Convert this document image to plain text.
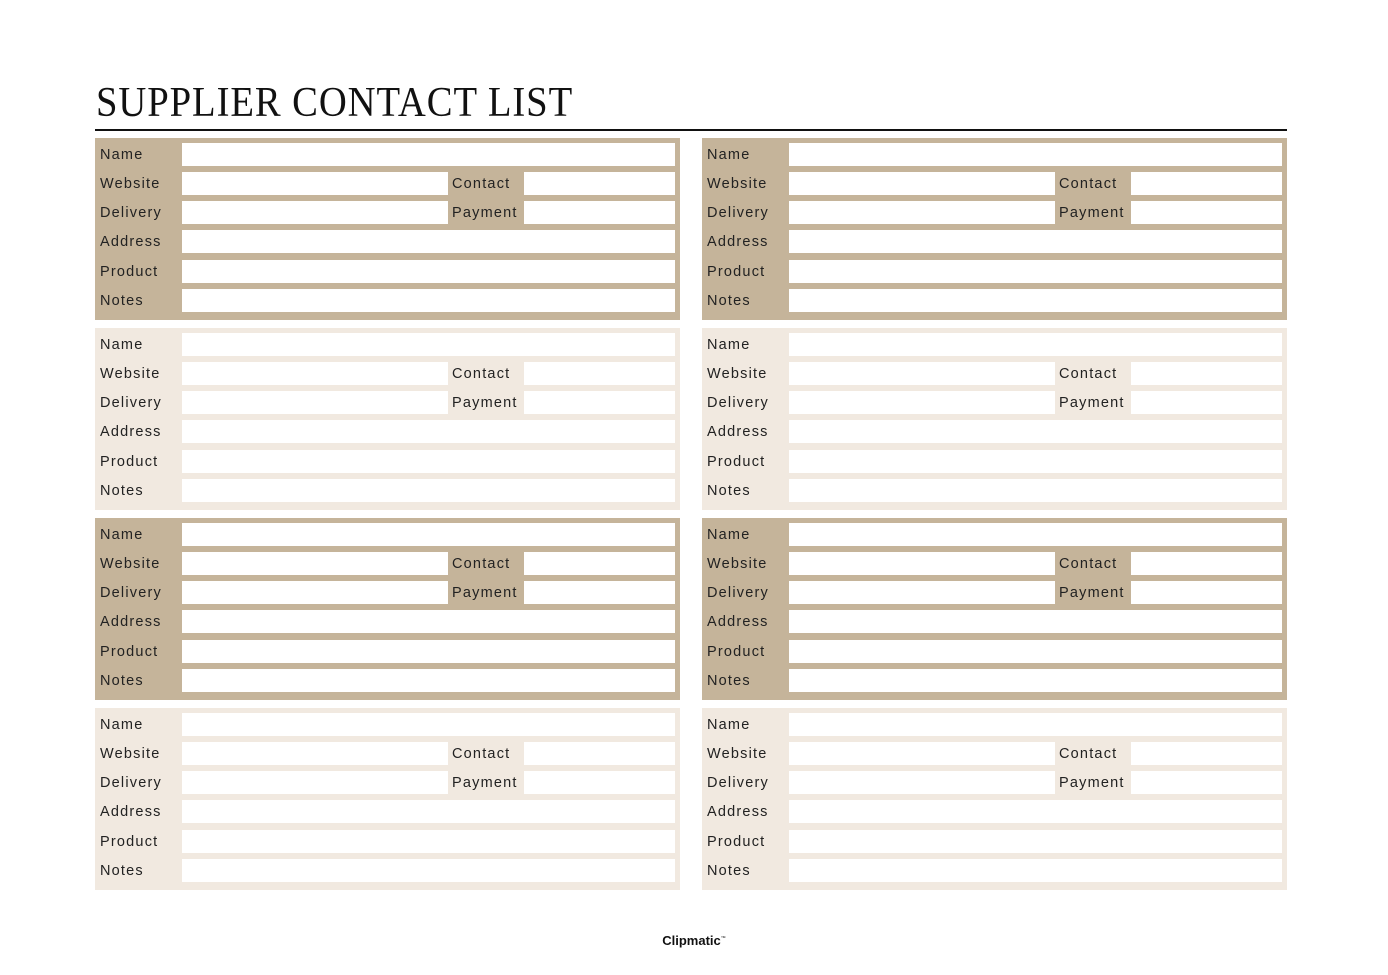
SUPPLIER CONTACT LIST
Name
Website	Contact
Delivery	Payment
Address
Product
Notes
Name
Website	Contact
Delivery	Payment
Address
Product
Notes
Name
Website	Contact
Delivery	Payment
Address
Product
Notes
Name
Website	Contact
Delivery	Payment
Address
Product
Notes
Name
Website	Contact
Delivery	Payment
Address
Product
Notes
Name
Website	Contact
Delivery	Payment
Address
Product
Notes
Name
Website	Contact
Delivery	Payment
Address
Product
Notes
Name
Website	Contact
Delivery	Payment
Address
Product
Notes
Clipmatic™
